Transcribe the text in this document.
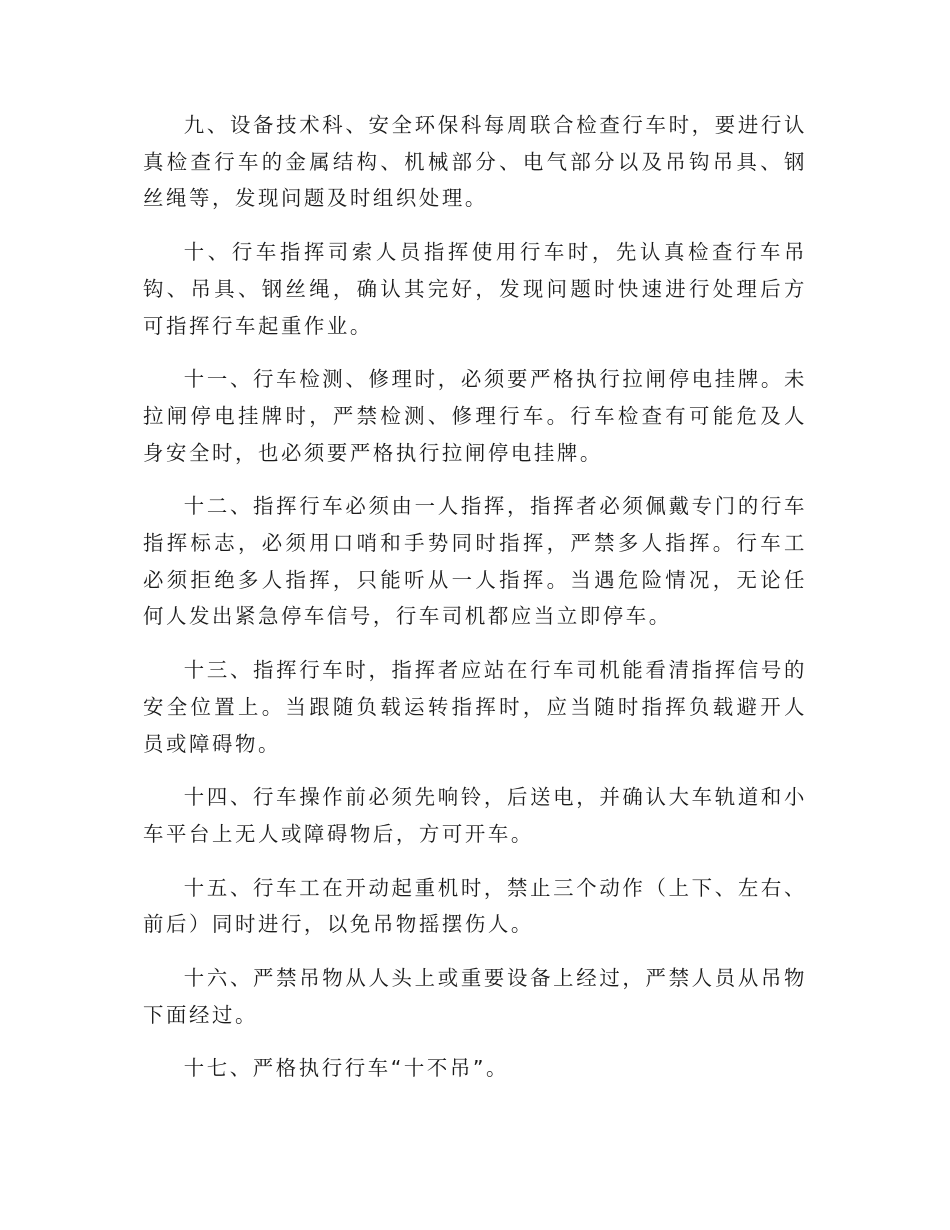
九、设备技术科、安全环保科每周联合检查行车时，要进行认真检查行车的金属结构、机械部分、电气部分以及吊钩吊具、钢丝绳等，发现问题及时组织处理。

十、行车指挥司索人员指挥使用行车时，先认真检查行车吊钩、吊具、钢丝绳，确认其完好，发现问题时快速进行处理后方可指挥行车起重作业。

十一、行车检测、修理时，必须要严格执行拉闸停电挂牌。未拉闸停电挂牌时，严禁检测、修理行车。行车检查有可能危及人身安全时，也必须要严格执行拉闸停电挂牌。

十二、指挥行车必须由一人指挥，指挥者必须佩戴专门的行车指挥标志，必须用口哨和手势同时指挥，严禁多人指挥。行车工必须拒绝多人指挥，只能听从一人指挥。当遇危险情况，无论任何人发出紧急停车信号，行车司机都应当立即停车。

十三、指挥行车时，指挥者应站在行车司机能看清指挥信号的安全位置上。当跟随负载运转指挥时，应当随时指挥负载避开人员或障碍物。

十四、行车操作前必须先响铃，后送电，并确认大车轨道和小车平台上无人或障碍物后，方可开车。

十五、行车工在开动起重机时，禁止三个动作（上下、左右、前后）同时进行，以免吊物摇摆伤人。

十六、严禁吊物从人头上或重要设备上经过，严禁人员从吊物下面经过。

十七、严格执行行车“十不吊”。
